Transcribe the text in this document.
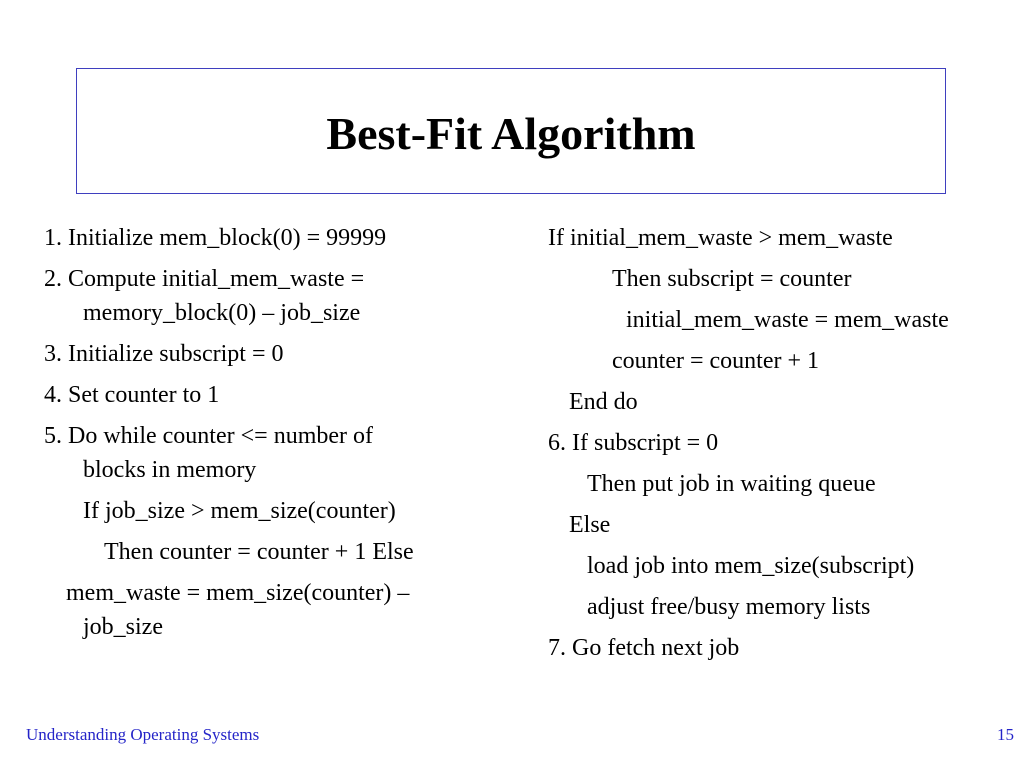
Best-Fit Algorithm
1. Initialize mem_block(0) = 99999
2. Compute initial_mem_waste =
memory_block(0) – job_size
3. Initialize subscript = 0
4. Set counter to 1
5. Do while counter <= number of
blocks in memory
If job_size > mem_size(counter)
Then counter = counter + 1 Else
mem_waste = mem_size(counter) –
job_size
If initial_mem_waste > mem_waste
Then subscript = counter
initial_mem_waste = mem_waste
counter = counter + 1
End do
6. If subscript = 0
Then put job in waiting queue
Else
load job into mem_size(subscript)
adjust free/busy memory lists
7. Go fetch next job
Understanding Operating Systems	15
